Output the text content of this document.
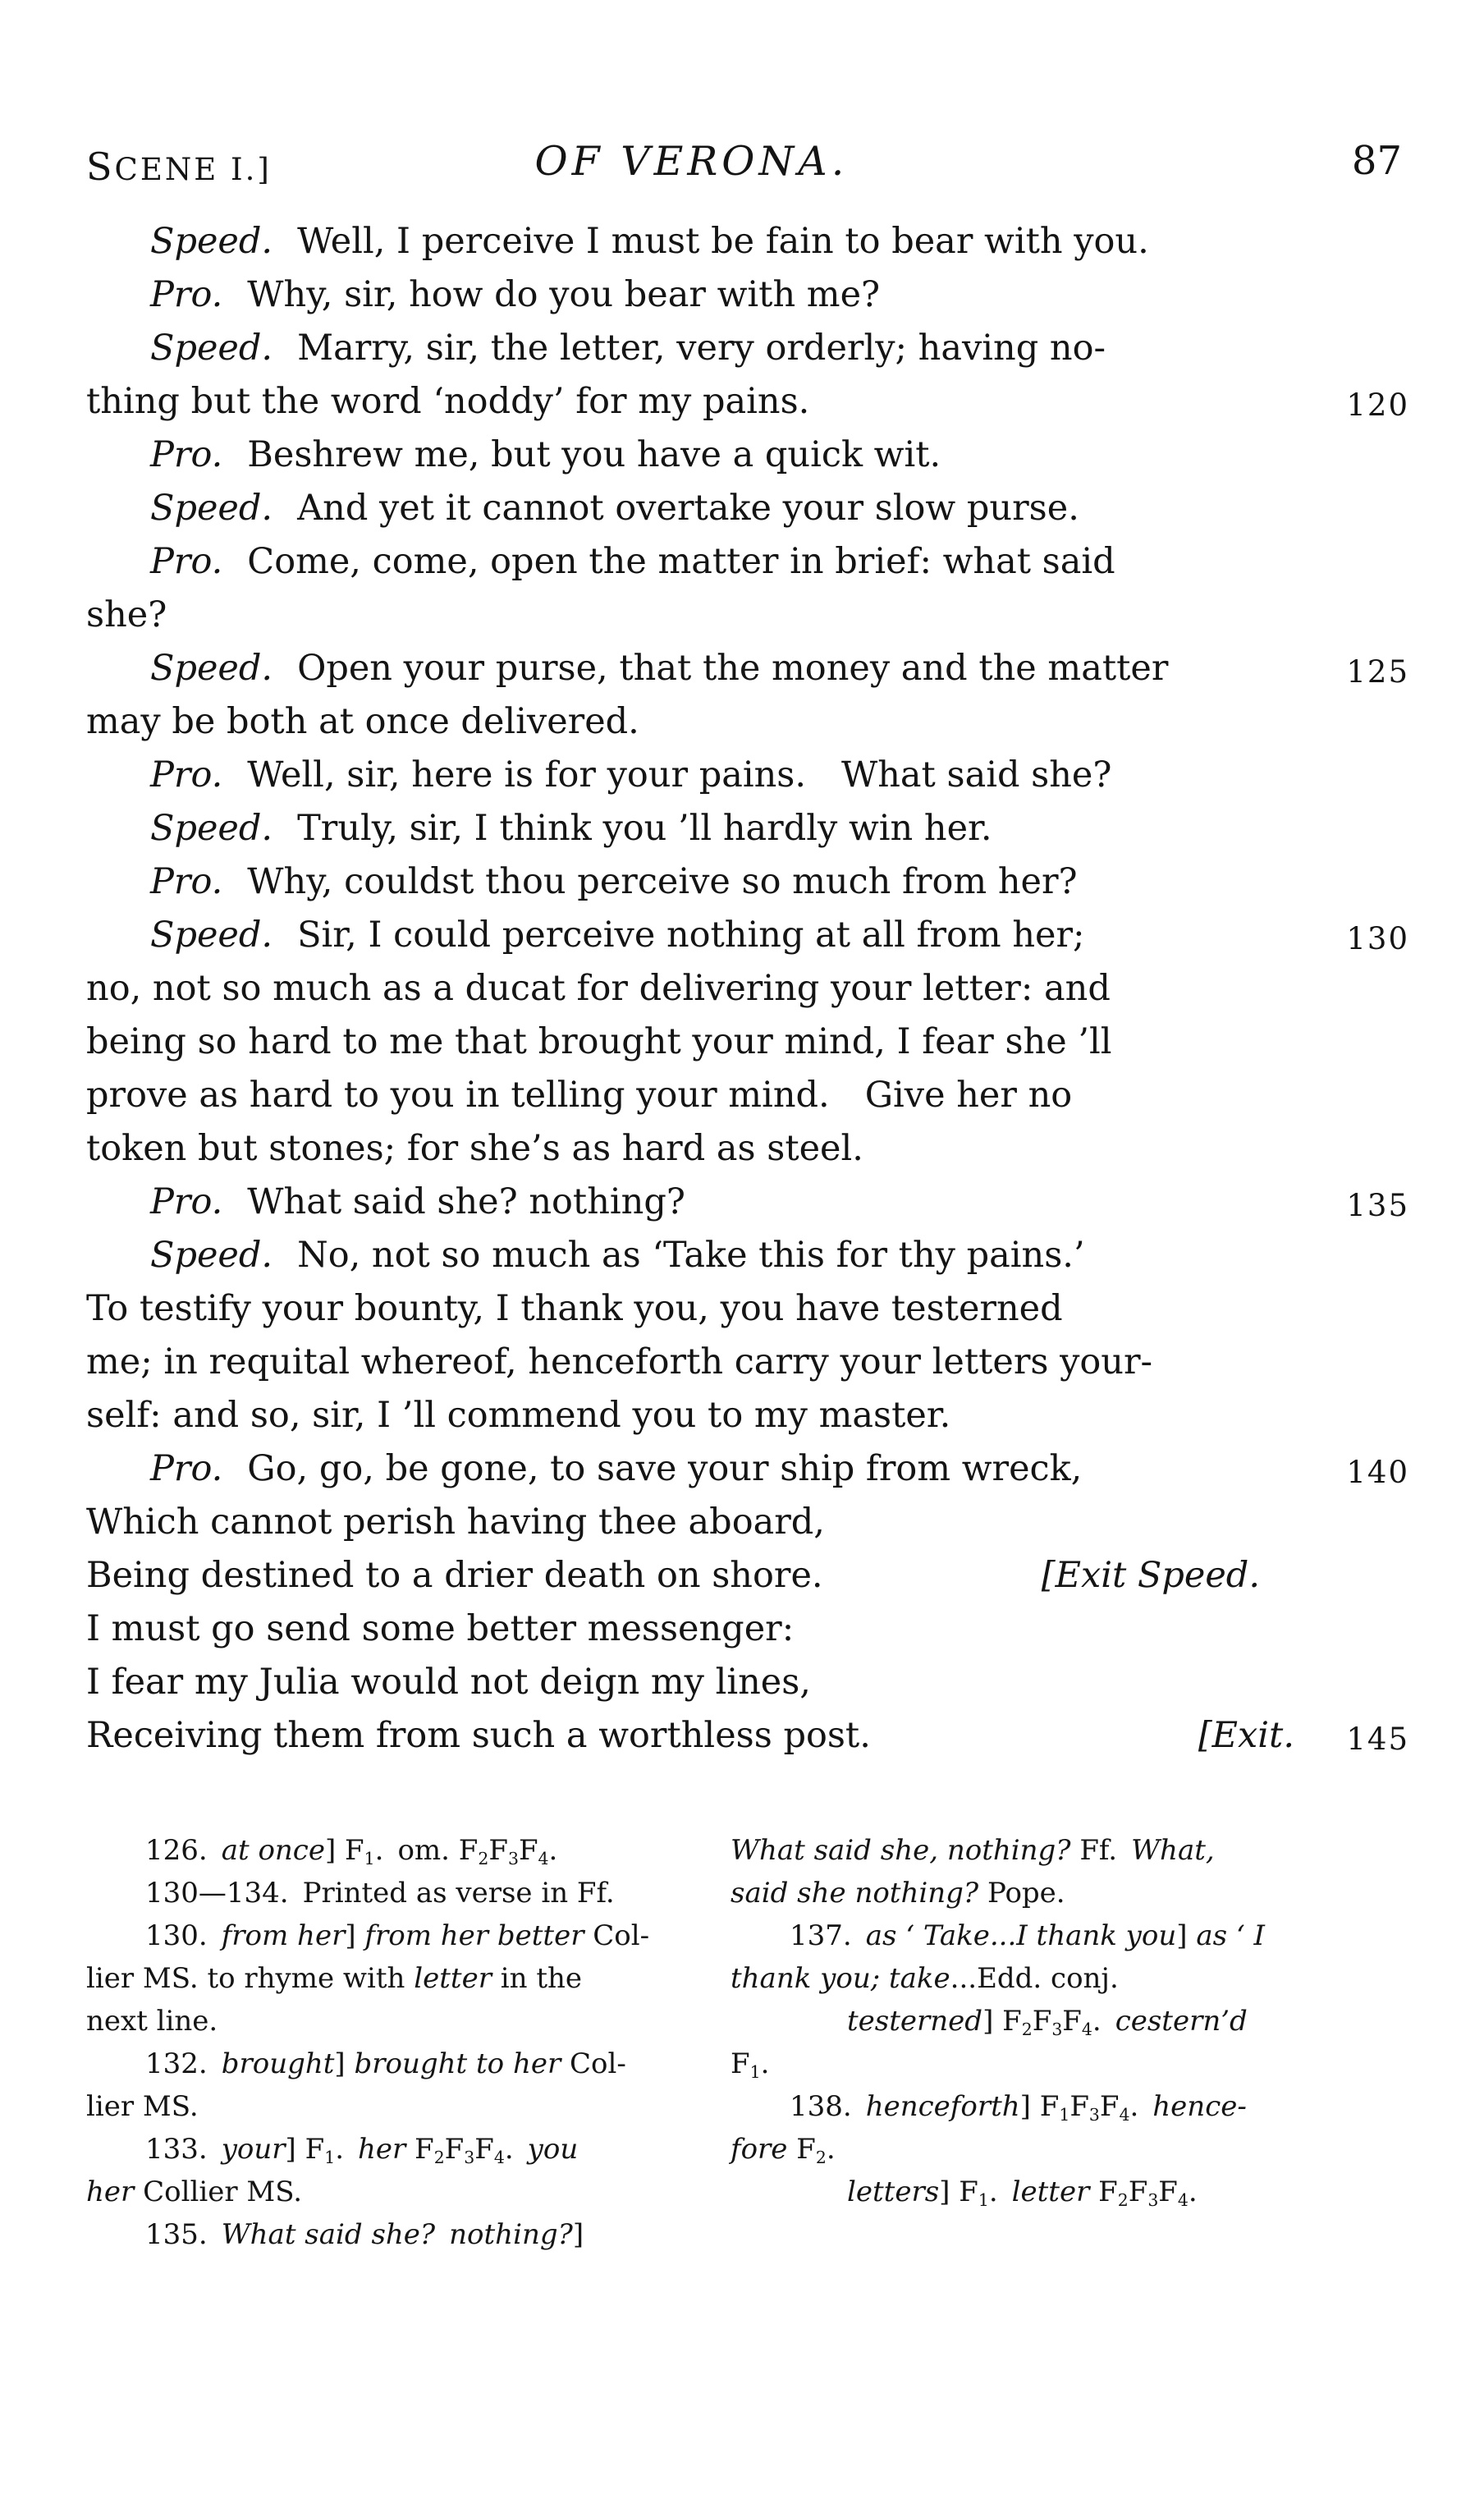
SCENE I.]	OF VERONA.	87
Speed. Well, I perceive I must be fain to bear with you.
Pro. Why, sir, how do you bear with me?
Speed. Marry, sir, the letter, very orderly; having no-
thing but the word ‘noddy’ for my pains.	120
Pro. Beshrew me, but you have a quick wit.
Speed. And yet it cannot overtake your slow purse.
Pro. Come, come, open the matter in brief: what said
she?
Speed. Open your purse, that the money and the matter	125
may be both at once delivered.
Pro. Well, sir, here is for your pains. What said she?
Speed. Truly, sir, I think you ’ll hardly win her.
Pro. Why, couldst thou perceive so much from her?
Speed. Sir, I could perceive nothing at all from her;	130
no, not so much as a ducat for delivering your letter: and
being so hard to me that brought your mind, I fear she ’ll
prove as hard to you in telling your mind. Give her no
token but stones; for she’s as hard as steel.
Pro. What said she? nothing?	135
Speed. No, not so much as ‘Take this for thy pains.’
To testify your bounty, I thank you, you have testerned
me; in requital whereof, henceforth carry your letters your-
self: and so, sir, I ’ll commend you to my master.
Pro. Go, go, be gone, to save your ship from wreck,	140
Which cannot perish having thee aboard,
Being destined to a drier death on shore.	[Exit Speed.
I must go send some better messenger:
I fear my Julia would not deign my lines,
Receiving them from such a worthless post.	[Exit.	145
126. at once] $F_1$. om. $F_2F_3F_4$.
130—134. Printed as verse in Ff.
130. from her] from her better Col-
lier MS. to rhyme with letter in the
next line.
132. brought] brought to her Col-
lier MS.
133. your] $F_1$. her $F_2F_3F_4$. you
her Collier MS.
135. What said she? nothing?]
What said she, nothing? Ff. What,
said she nothing? Pope.
137. as ‘ Take...I thank you] as ‘ I
thank you; take...Edd. conj.
testerned] $F_2F_3F_4$. cestern’d
$F_1$.
138. henceforth] $F_1F_3F_4$. hence-
fore $F_2$.
letters] $F_1$. letter $F_2F_3F_4$.
